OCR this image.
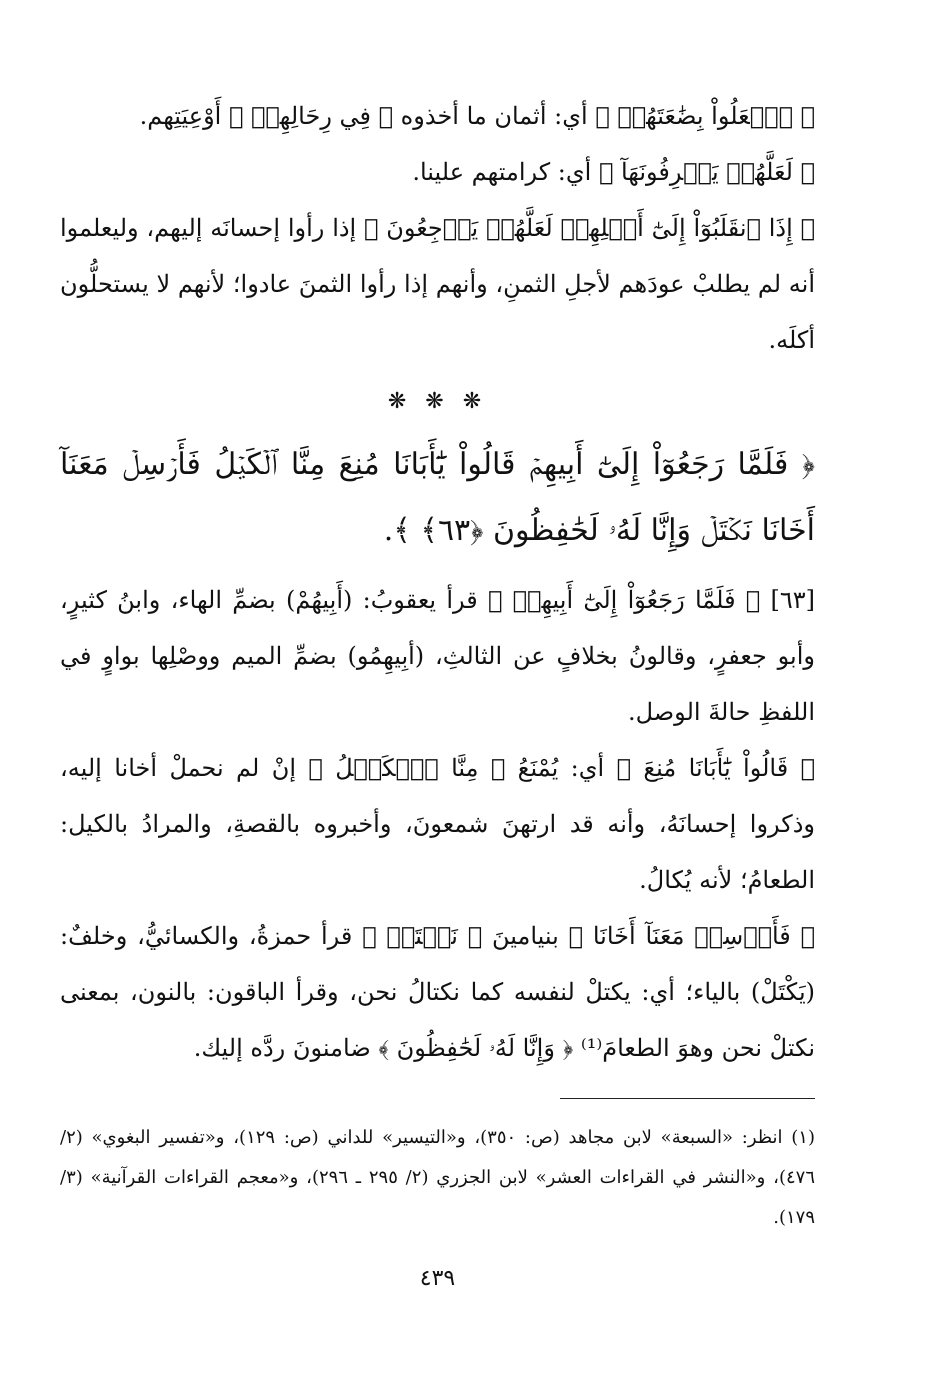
﴿ ٱجۡعَلُواْ بِضَٰعَتَهُمۡ ﴾ أي: أثمان ما أخذوه ﴿ فِي رِحَالِهِمۡ ﴾ أَوْعِيَتِهم.

﴿ لَعَلَّهُمۡ يَعۡرِفُونَهَآ ﴾ أي: كرامتهم علينا.

﴿ إِذَا ٱنقَلَبُوٓاْ إِلَىٰٓ أَهۡلِهِمۡ لَعَلَّهُمۡ يَرۡجِعُونَ ﴾ إذا رأوا إحسانَه إليهم، وليعلموا أنه لم يطلبْ عودَهم لأجلِ الثمنِ، وأنهم إذا رأوا الثمنَ عادوا؛ لأنهم لا يستحلُّون أكلَه.

❋ ❋ ❋

﴿ فَلَمَّا رَجَعُوٓاْ إِلَىٰٓ أَبِيهِمۡ قَالُواْ يَٰٓأَبَانَا مُنِعَ مِنَّا ٱلۡكَيۡلُ فَأَرۡسِلۡ مَعَنَآ أَخَانَا نَكۡتَلۡ وَإِنَّا لَهُۥ لَحَٰفِظُونَ ﴿٦٣﴾ ﴾.

[٦٣] ﴿ فَلَمَّا رَجَعُوٓاْ إِلَىٰٓ أَبِيهِمۡ ﴾ قرأ يعقوبُ: (أَبِيهُمْ) بضمِّ الهاء، وابنُ كثيرٍ، وأبو جعفرٍ، وقالونُ بخلافٍ عن الثالثِ، (أبِيهِمُو) بضمِّ الميم ووصْلِها بواوٍ في اللفظِ حالةَ الوصل.

﴿ قَالُواْ يَٰٓأَبَانَا مُنِعَ ﴾ أي: يُمْنَعُ ﴿ مِنَّا ٱلۡكَيۡلُ ﴾ إنْ لم نحملْ أخانا إليه، وذكروا إحسانَهُ، وأنه قد ارتهنَ شمعونَ، وأخبروه بالقصةِ، والمرادُ بالكيل: الطعامُ؛ لأنه يُكالُ.

﴿ فَأَرۡسِلۡ مَعَنَآ أَخَانَا ﴾ بنيامينَ ﴿ نَكۡتَلۡ ﴾ قرأ حمزةُ، والكسائيُّ، وخلفٌ: (يَكْتَلْ) بالياء؛ أي: يكتلْ لنفسه كما نكتالُ نحن، وقرأ الباقون: بالنون، بمعنى نكتلْ نحن وهوَ الطعامَ⁽¹⁾ ﴿ وَإِنَّا لَهُۥ لَحَٰفِظُونَ ﴾ ضامنونَ ردَّه إليك.

(١) انظر: «السبعة» لابن مجاهد (ص: ٣٥٠)، و«التيسير» للداني (ص: ١٢٩)، و«تفسير البغوي» (٢/ ٤٧٦)، و«النشر في القراءات العشر» لابن الجزري (٢/ ٢٩٥ ـ ٢٩٦)، و«معجم القراءات القرآنية» (٣/ ١٧٩).

٤٣٩
